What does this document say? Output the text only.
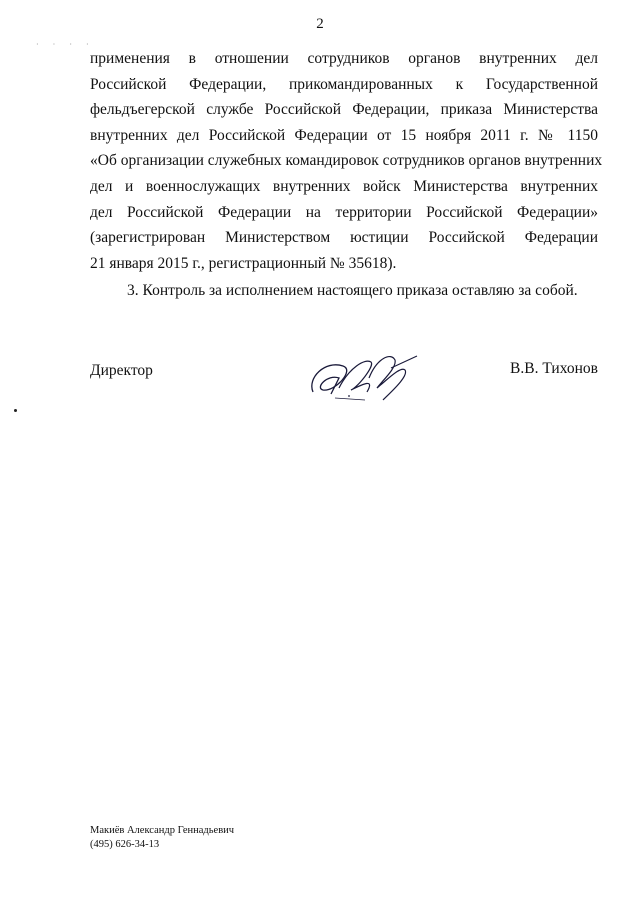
2
· · · ·
применения в отношении сотрудников органов внутренних дел
Российской Федерации, прикомандированных к Государственной
фельдъегерской службе Российской Федерации, приказа Министерства
внутренних дел Российской Федерации от 15 ноября 2011 г. № 1150
«Об организации служебных командировок сотрудников органов внутренних
дел и военнослужащих внутренних войск Министерства внутренних
дел Российской Федерации на территории Российской Федерации»
(зарегистрирован Министерством юстиции Российской Федерации
21 января 2015 г., регистрационный № 35618).
3. Контроль за исполнением настоящего приказа оставляю за собой.
Директор	В.В. Тихонов
Макиёв Александр Геннадьевич
(495) 626-34-13
